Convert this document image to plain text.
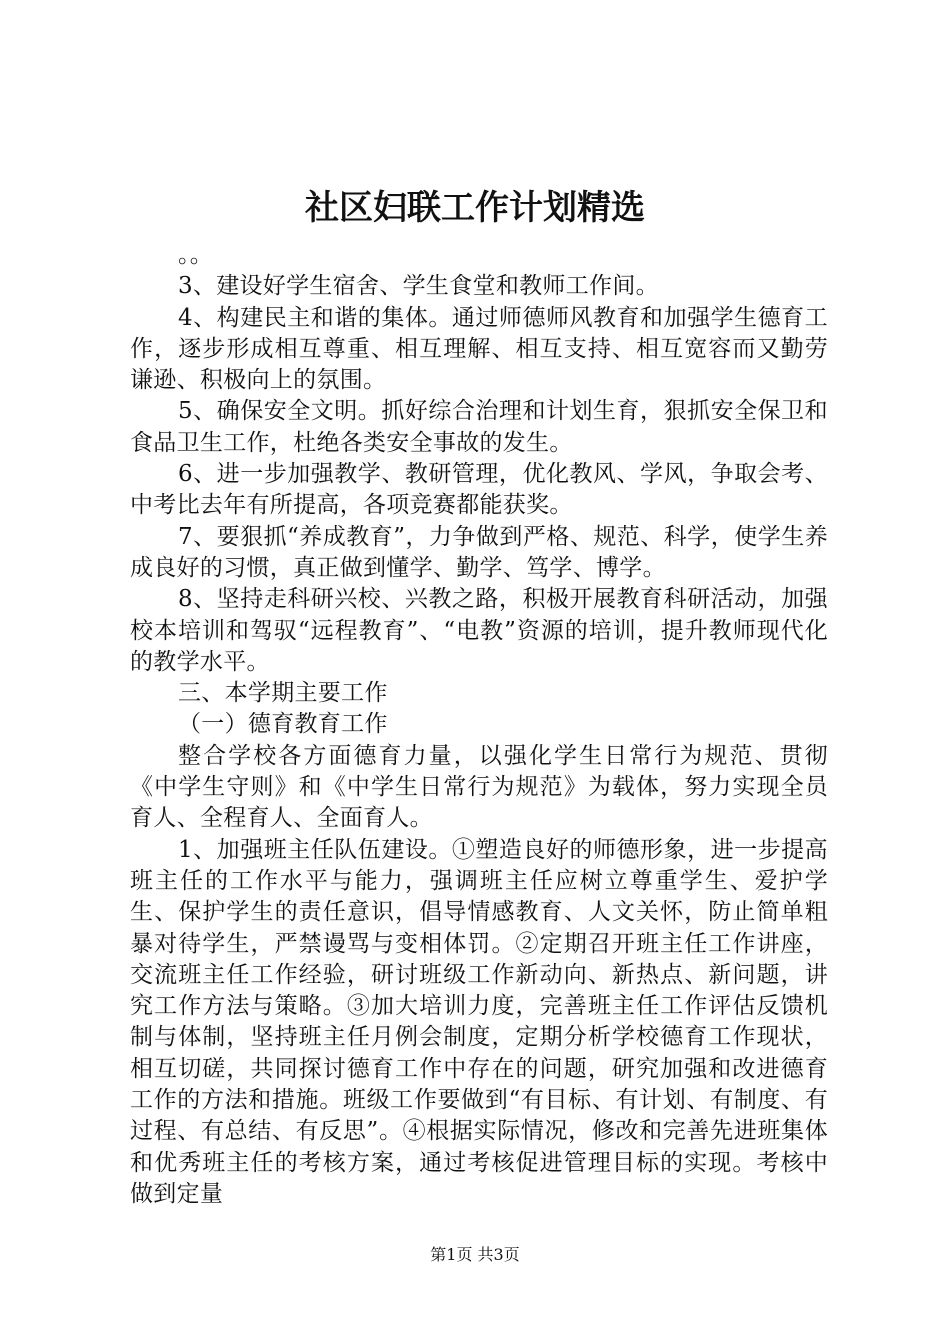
社区妇联工作计划精选

。。

3、建设好学生宿舍、学生食堂和教师工作间。

4、构建民主和谐的集体。通过师德师风教育和加强学生德育工作，逐步形成相互尊重、相互理解、相互支持、相互宽容而又勤劳谦逊、积极向上的氛围。

5、确保安全文明。抓好综合治理和计划生育，狠抓安全保卫和食品卫生工作，杜绝各类安全事故的发生。

6、进一步加强教学、教研管理，优化教风、学风，争取会考、中考比去年有所提高，各项竞赛都能获奖。

7、要狠抓“养成教育”，力争做到严格、规范、科学，使学生养成良好的习惯，真正做到懂学、勤学、笃学、博学。

8、坚持走科研兴校、兴教之路，积极开展教育科研活动，加强校本培训和驾驭“远程教育”、“电教”资源的培训，提升教师现代化的教学水平。

三、本学期主要工作

（一）德育教育工作

整合学校各方面德育力量，以强化学生日常行为规范、贯彻《中学生守则》和《中学生日常行为规范》为载体，努力实现全员育人、全程育人、全面育人。

1、加强班主任队伍建设。①塑造良好的师德形象，进一步提高班主任的工作水平与能力，强调班主任应树立尊重学生、爱护学生、保护学生的责任意识，倡导情感教育、人文关怀，防止简单粗暴对待学生，严禁谩骂与变相体罚。②定期召开班主任工作讲座，交流班主任工作经验，研讨班级工作新动向、新热点、新问题，讲究工作方法与策略。③加大培训力度，完善班主任工作评估反馈机制与体制，坚持班主任月例会制度，定期分析学校德育工作现状，相互切磋，共同探讨德育工作中存在的问题，研究加强和改进德育工作的方法和措施。班级工作要做到“有目标、有计划、有制度、有过程、有总结、有反思”。④根据实际情况，修改和完善先进班集体和优秀班主任的考核方案，通过考核促进管理目标的实现。考核中做到定量

第1页 共3页
